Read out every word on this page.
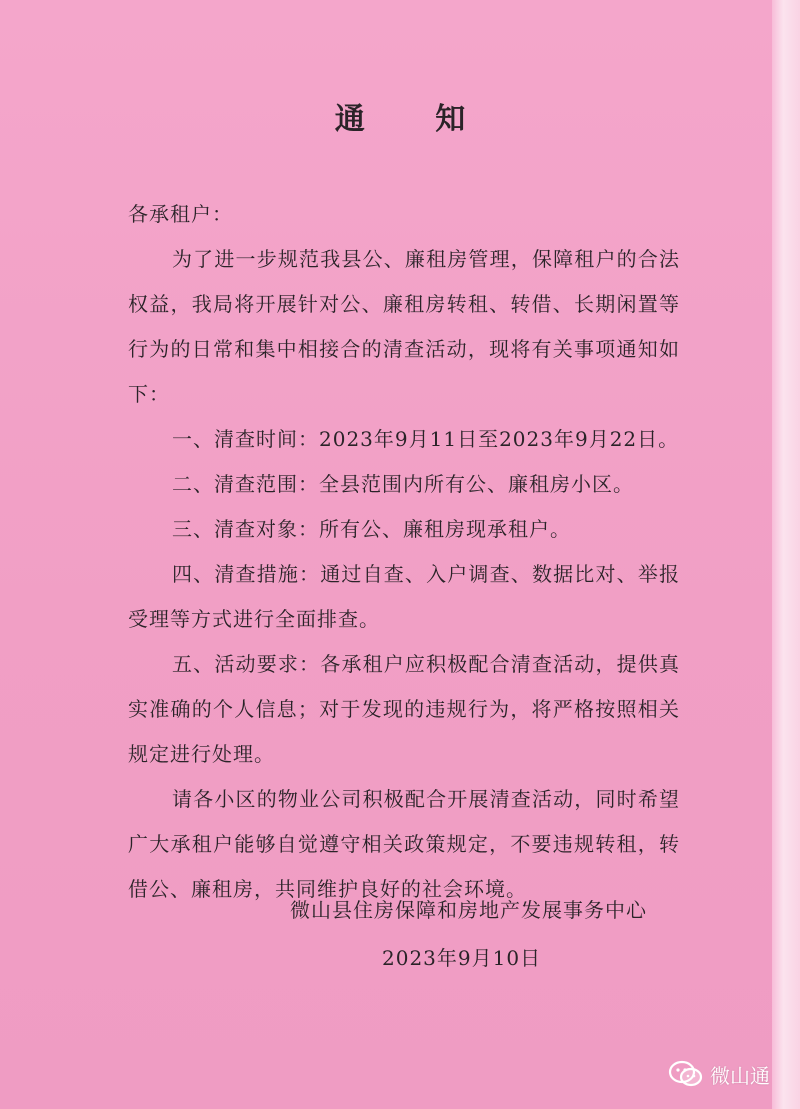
通 知

各承租户：

为了进一步规范我县公、廉租房管理，保障租户的合法权益，我局将开展针对公、廉租房转租、转借、长期闲置等行为的日常和集中相接合的清查活动，现将有关事项通知如下：

一、清查时间：2023年9月11日至2023年9月22日。

二、清查范围：全县范围内所有公、廉租房小区。

三、清查对象：所有公、廉租房现承租户。

四、清查措施：通过自查、入户调查、数据比对、举报受理等方式进行全面排查。

五、活动要求：各承租户应积极配合清查活动，提供真实准确的个人信息；对于发现的违规行为，将严格按照相关规定进行处理。

请各小区的物业公司积极配合开展清查活动，同时希望广大承租户能够自觉遵守相关政策规定，不要违规转租，转借公、廉租房，共同维护良好的社会环境。

微山县住房保障和房地产发展事务中心
2023年9月10日
微山通
